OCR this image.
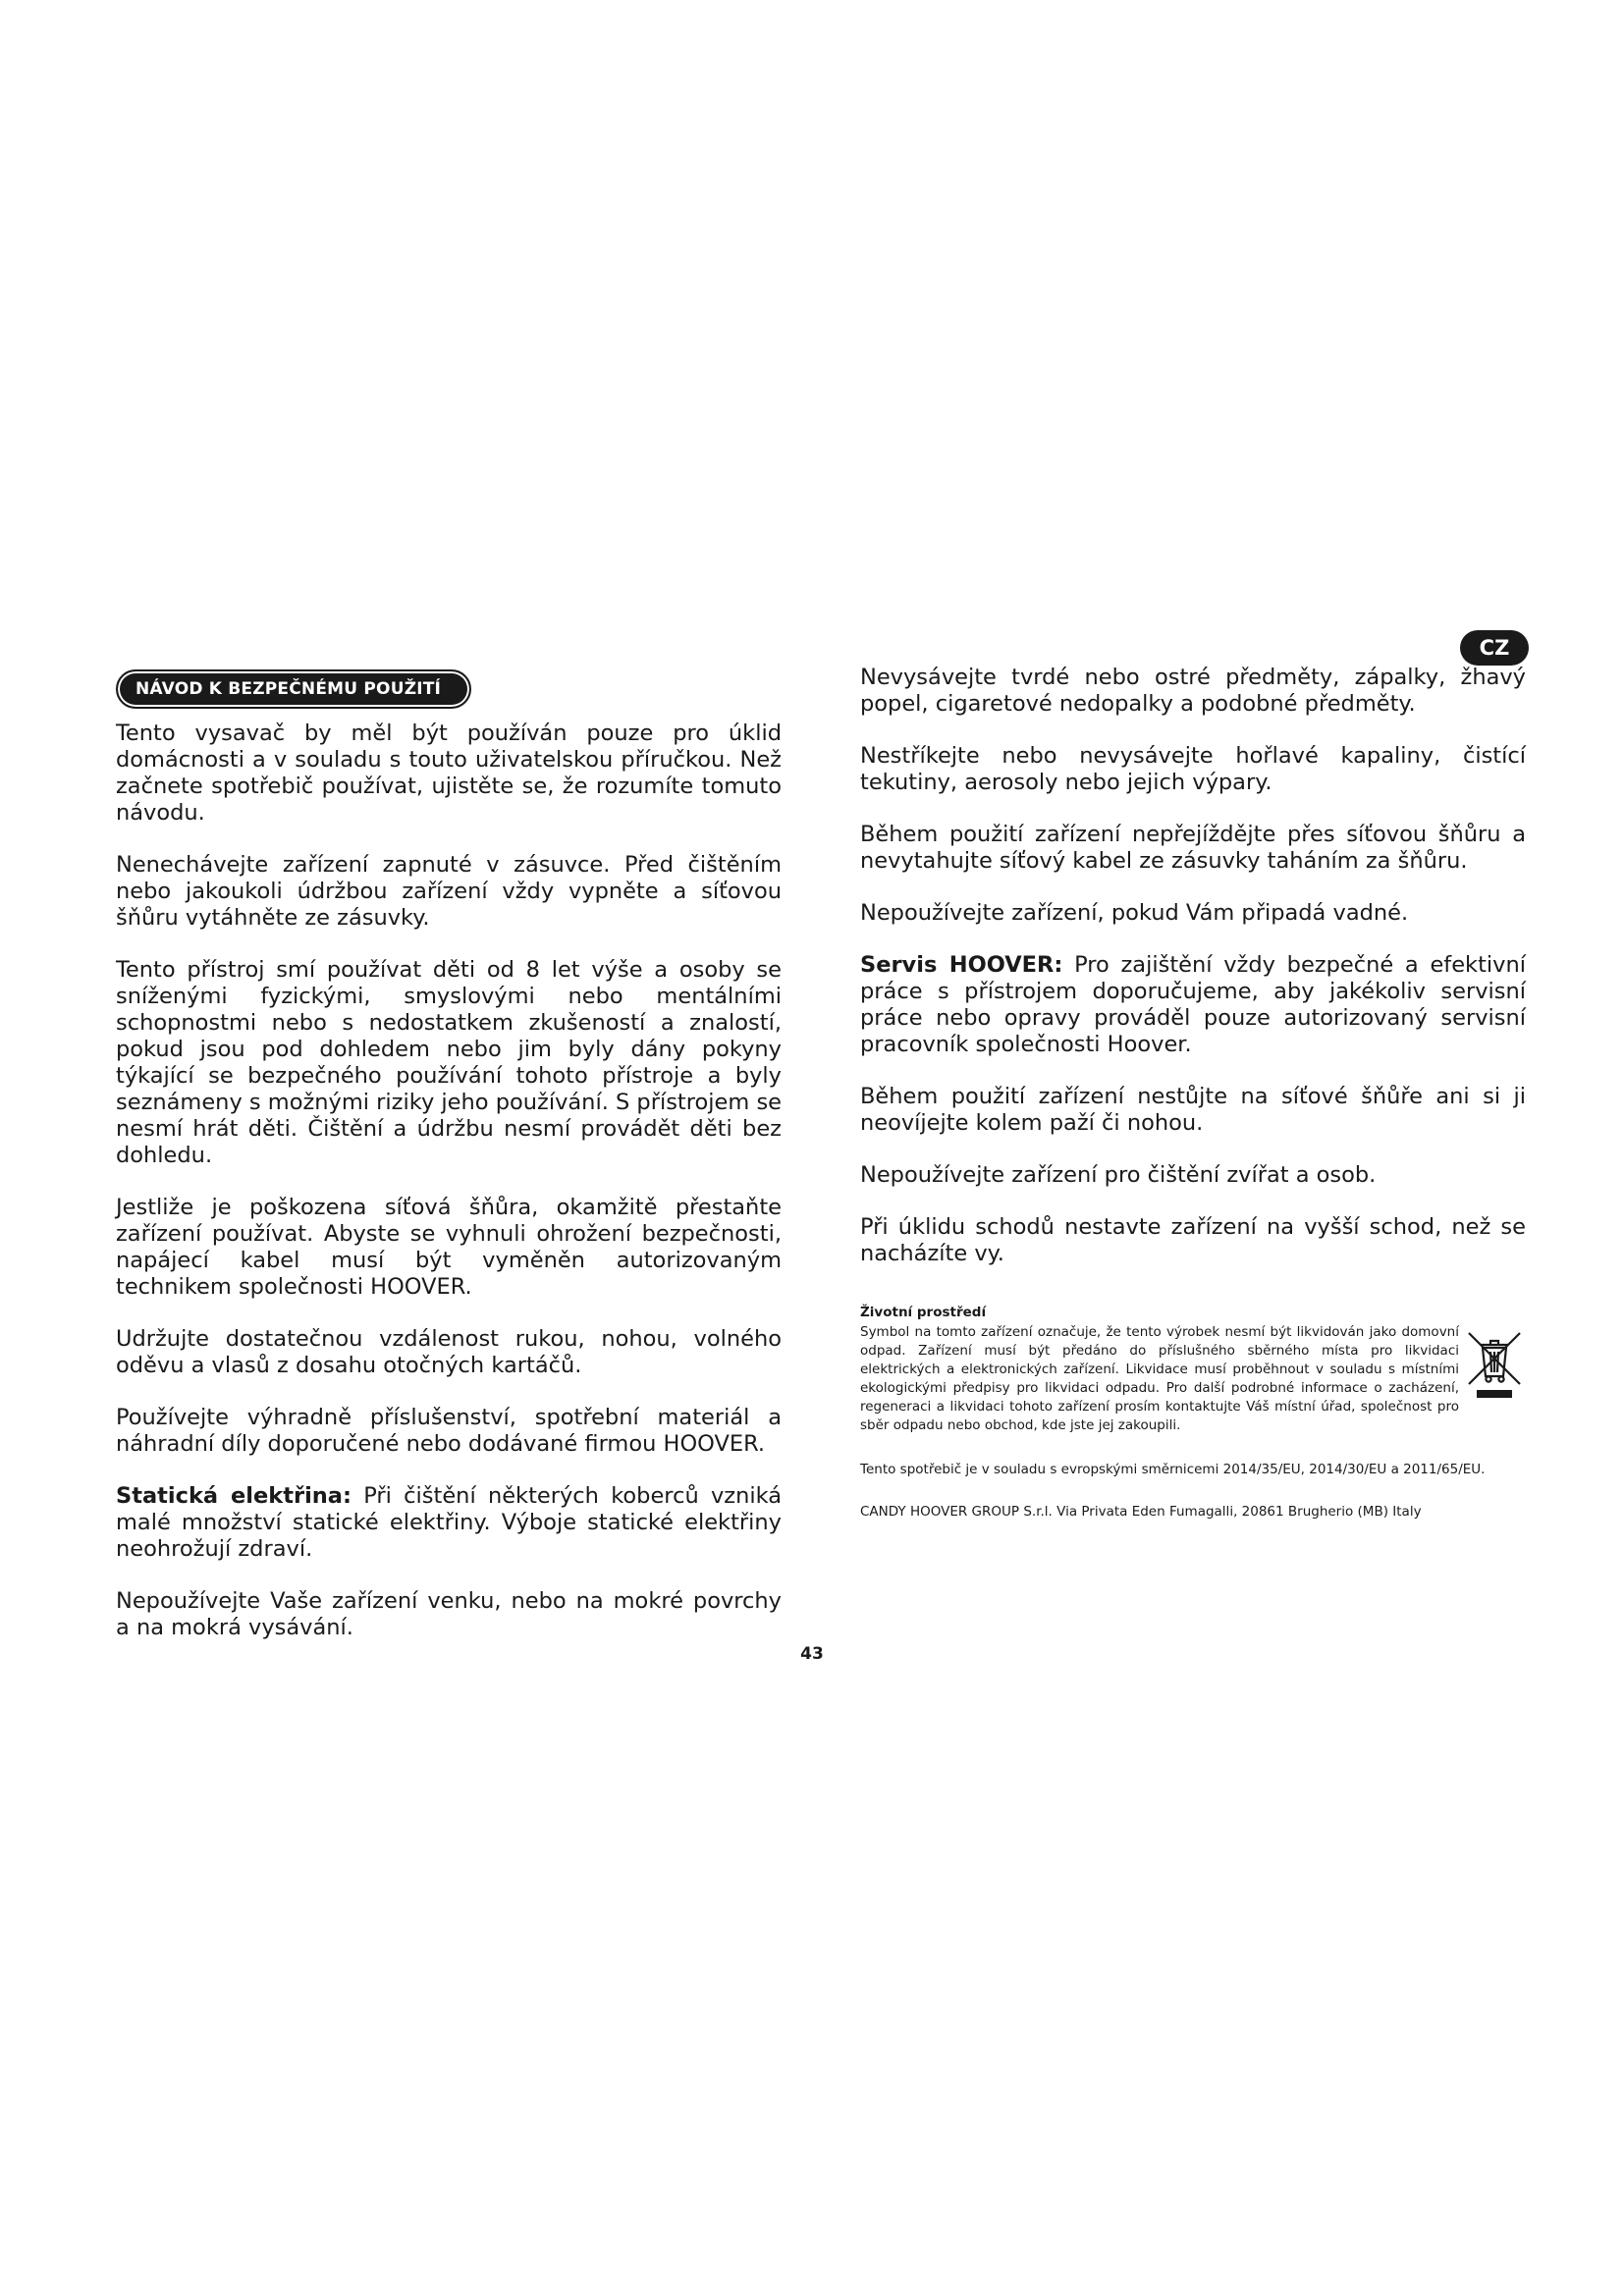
CZ
NÁVOD K BEZPEČNÉMU POUŽITÍ

Tento vysavač by měl být používán pouze pro úklid domácnosti a v souladu s touto uživatelskou příručkou. Než začnete spotřebič používat, ujistěte se, že rozumíte tomuto návodu.

Nenechávejte zařízení zapnuté v zásuvce. Před čištěním nebo jakoukoli údržbou zařízení vždy vypněte a síťovou šňůru vytáhněte ze zásuvky.

Tento přístroj smí používat děti od 8 let výše a osoby se sníženými fyzickými, smyslovými nebo mentálními schopnostmi nebo s nedostatkem zkušeností a znalostí, pokud jsou pod dohledem nebo jim byly dány pokyny týkající se bezpečného používání tohoto přístroje a byly seznámeny s možnými riziky jeho používání. S přístrojem se nesmí hrát děti. Čištění a údržbu nesmí provádět děti bez dohledu.

Jestliže je poškozena síťová šňůra, okamžitě přestaňte zařízení používat. Abyste se vyhnuli ohrožení bezpečnosti, napájecí kabel musí být vyměněn autorizovaným technikem společnosti HOOVER.

Udržujte dostatečnou vzdálenost rukou, nohou, volného oděvu a vlasů z dosahu otočných kartáčů.

Používejte výhradně příslušenství, spotřební materiál a náhradní díly doporučené nebo dodávané firmou HOOVER.

Statická elektřina: Při čištění některých koberců vzniká malé množství statické elektřiny. Výboje statické elektřiny neohrožují zdraví.

Nepoužívejte Vaše zařízení venku, nebo na mokré povrchy a na mokrá vysávání.

Nevysávejte tvrdé nebo ostré předměty, zápalky, žhavý popel, cigaretové nedopalky a podobné předměty.

Nestříkejte nebo nevysávejte hořlavé kapaliny, čistící tekutiny, aerosoly nebo jejich výpary.

Během použití zařízení nepřejíždějte přes síťovou šňůru a nevytahujte síťový kabel ze zásuvky taháním za šňůru.

Nepoužívejte zařízení, pokud Vám připadá vadné.

Servis HOOVER: Pro zajištění vždy bezpečné a efektivní práce s přístrojem doporučujeme, aby jakékoliv servisní práce nebo opravy prováděl pouze autorizovaný servisní pracovník společnosti Hoover.

Během použití zařízení nestůjte na síťové šňůře ani si ji neovíjejte kolem paží či nohou.

Nepoužívejte zařízení pro čištění zvířat a osob.

Při úklidu schodů nestavte zařízení na vyšší schod, než se nacházíte vy.

Životní prostředí

Symbol na tomto zařízení označuje, že tento výrobek nesmí být likvidován jako domovní odpad. Zařízení musí být předáno do příslušného sběrného místa pro likvidaci elektrických a elektronických zařízení. Likvidace musí proběhnout v souladu s místními ekologickými předpisy pro likvidaci odpadu. Pro další podrobné informace o zacházení, regeneraci a likvidaci tohoto zařízení prosím kontaktujte Váš místní úřad, společnost pro sběr odpadu nebo obchod, kde jste jej zakoupili.

Tento spotřebič je v souladu s evropskými směrnicemi 2014/35/EU, 2014/30/EU a 2011/65/EU.

CANDY HOOVER GROUP S.r.l. Via Privata Eden Fumagalli, 20861 Brugherio (MB) Italy

43
